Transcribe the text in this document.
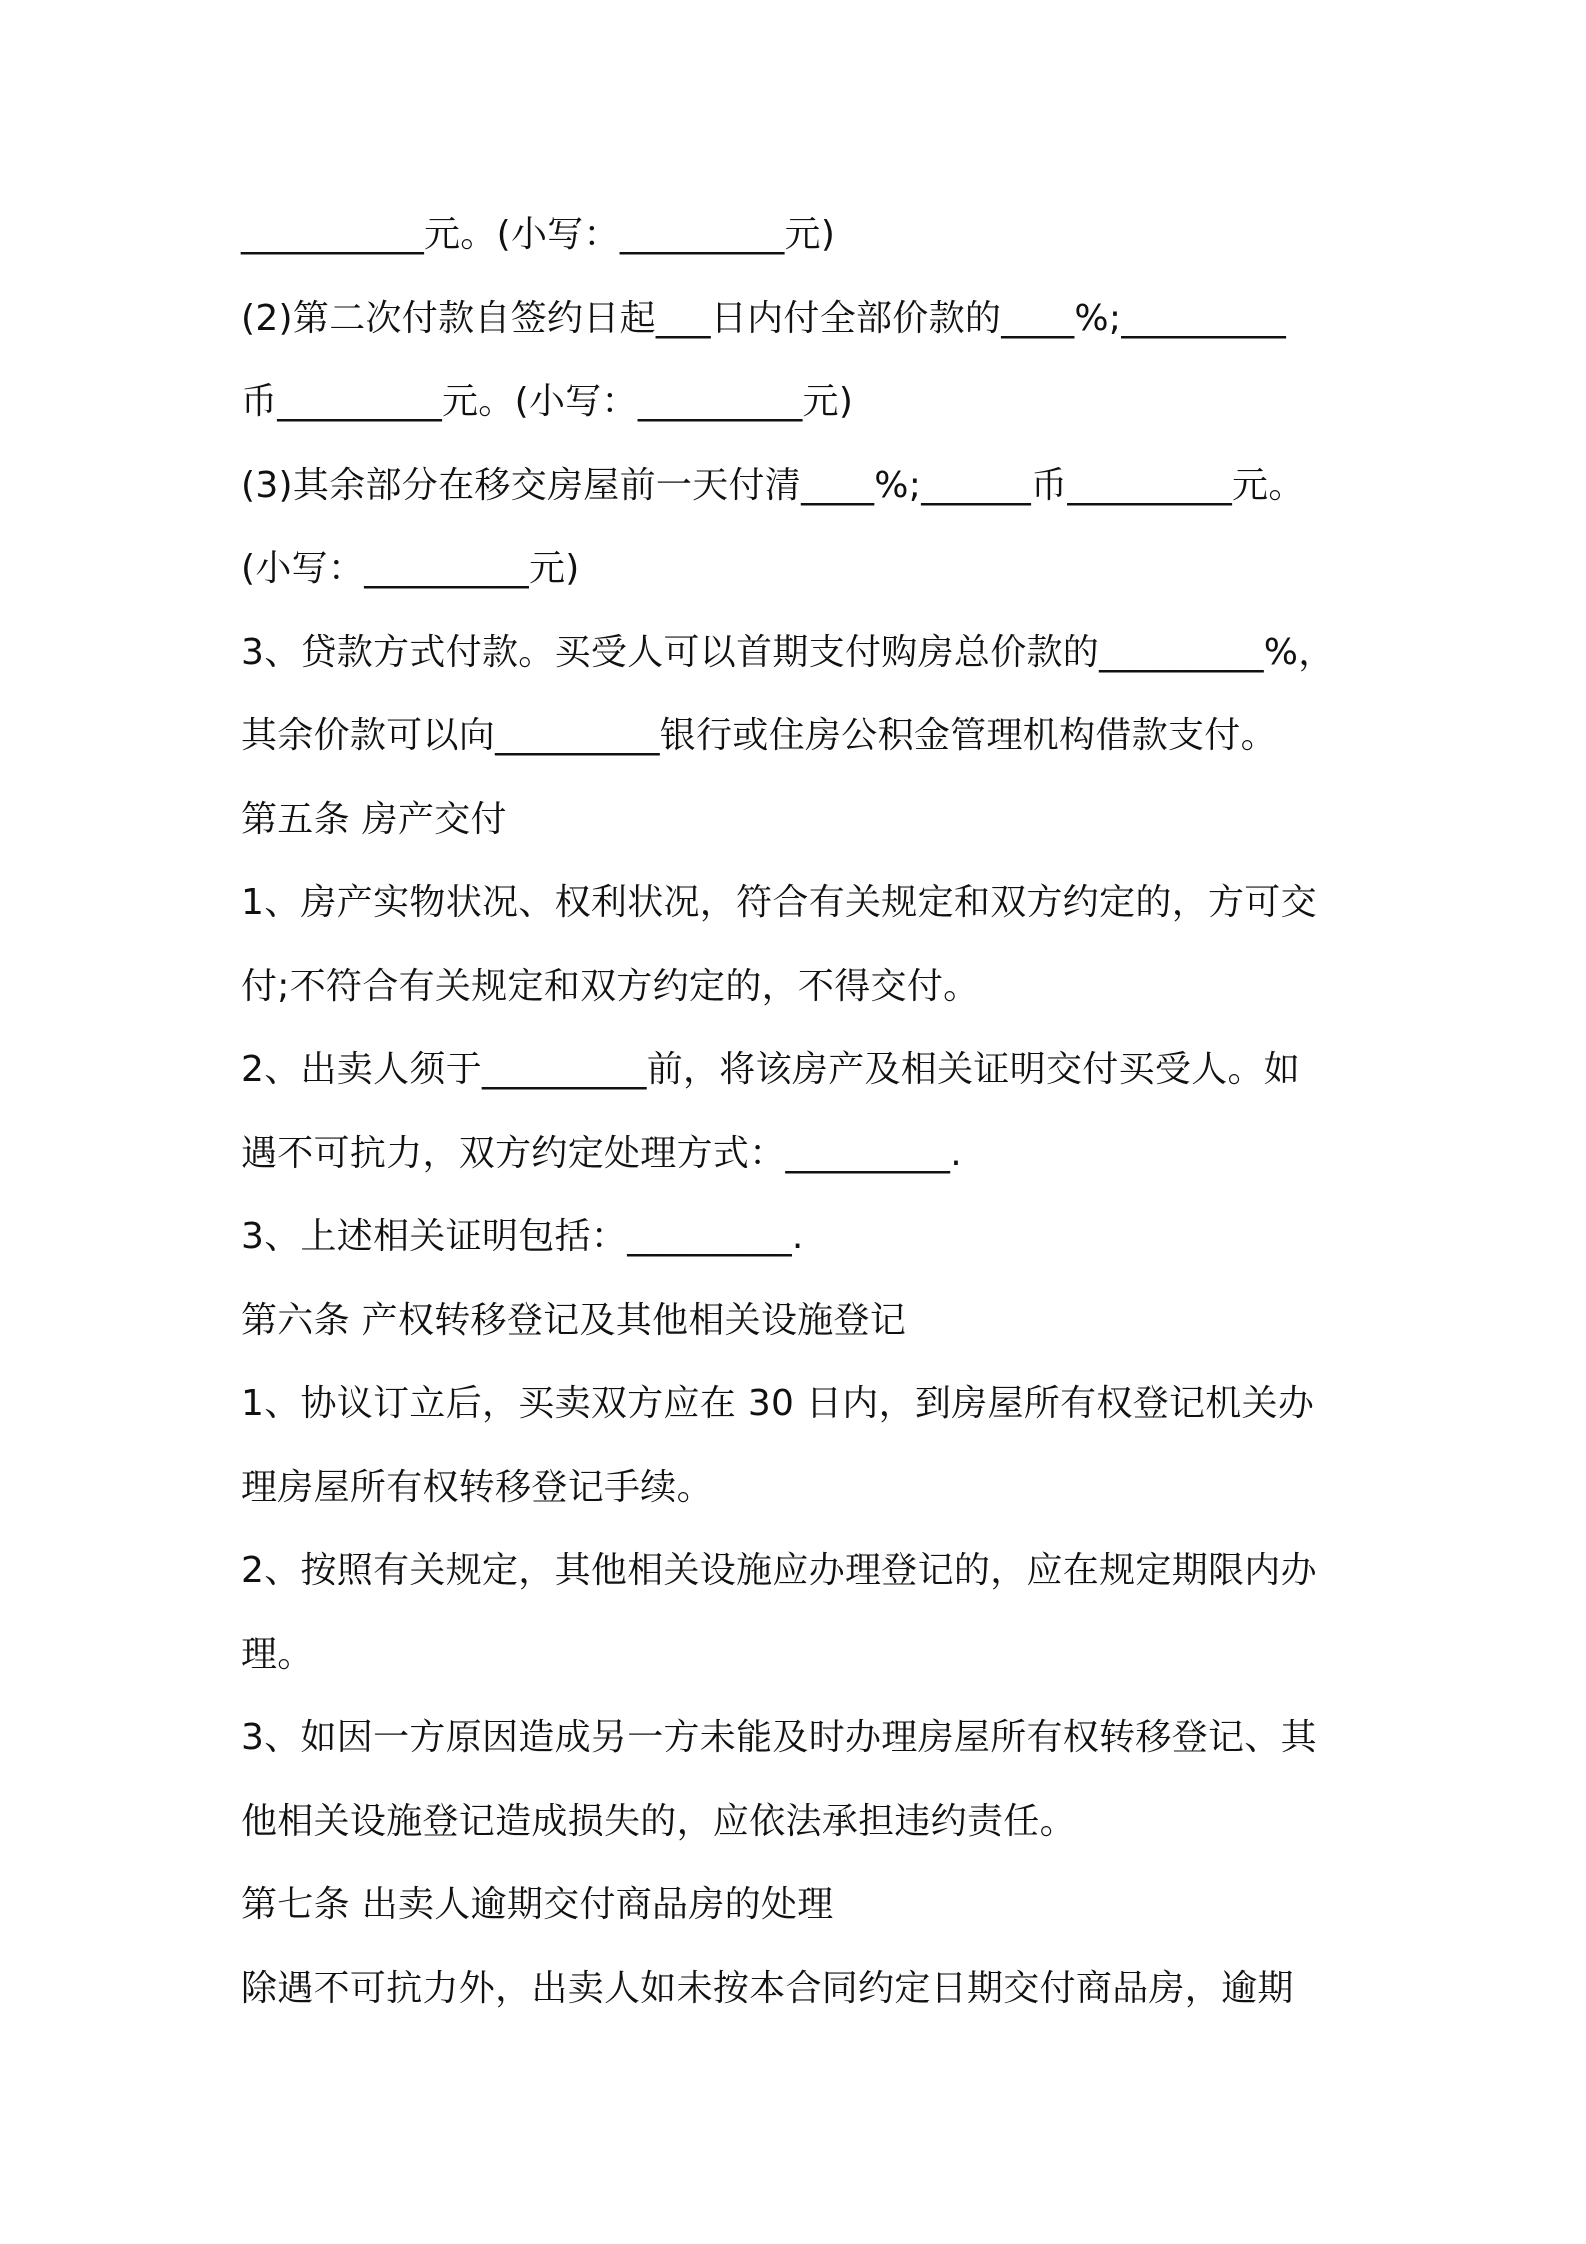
__________元。(小写：_________元)
(2)第二次付款自签约日起___日内付全部价款的____%;_________
币_________元。(小写：_________元)
(3)其余部分在移交房屋前一天付清____%;______币_________元。
(小写：_________元)
3、贷款方式付款。买受人可以首期支付购房总价款的_________%，
其余价款可以向_________银行或住房公积金管理机构借款支付。
第五条 房产交付
1、房产实物状况、权利状况，符合有关规定和双方约定的，方可交
付;不符合有关规定和双方约定的，不得交付。
2、出卖人须于_________前，将该房产及相关证明交付买受人。如
遇不可抗力，双方约定处理方式：_________.
3、上述相关证明包括：_________.
第六条 产权转移登记及其他相关设施登记
1、协议订立后，买卖双方应在 30 日内，到房屋所有权登记机关办
理房屋所有权转移登记手续。
2、按照有关规定，其他相关设施应办理登记的，应在规定期限内办
理。
3、如因一方原因造成另一方未能及时办理房屋所有权转移登记、其
他相关设施登记造成损失的，应依法承担违约责任。
第七条 出卖人逾期交付商品房的处理
除遇不可抗力外，出卖人如未按本合同约定日期交付商品房，逾期
